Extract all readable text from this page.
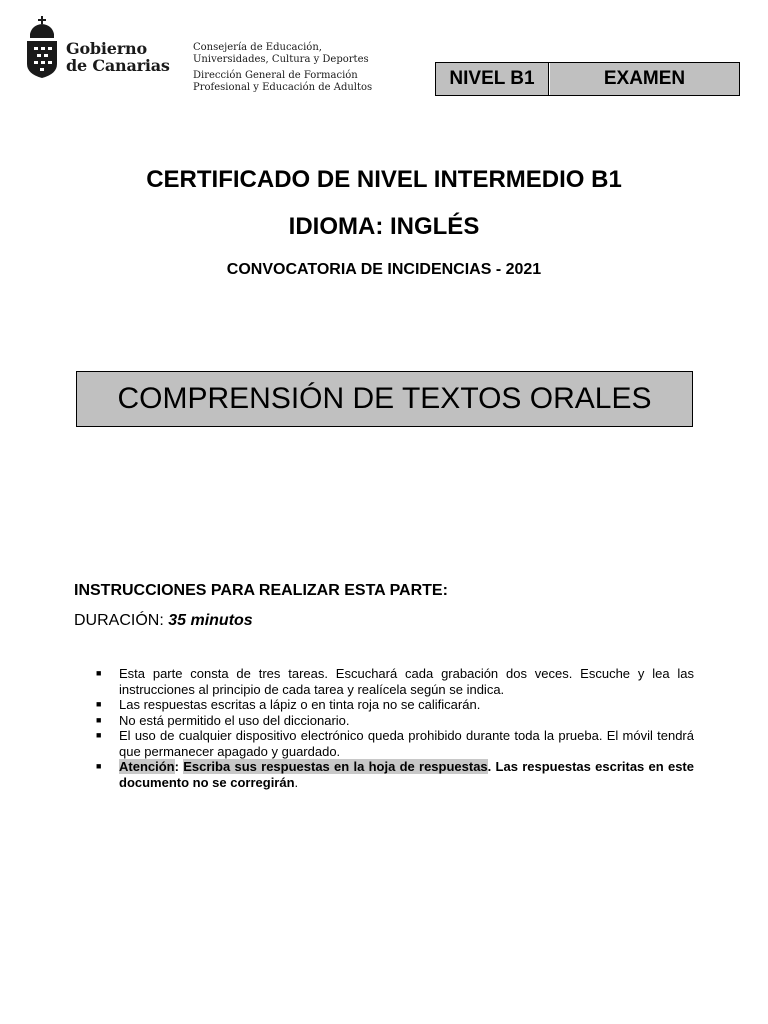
Gobierno
de Canarias
Consejería de Educación,
Universidades, Cultura y Deportes
Dirección General de Formación
Profesional y Educación de Adultos	NIVEL B1	EXAMEN
CERTIFICADO DE NIVEL INTERMEDIO B1
IDIOMA: INGLÉS
CONVOCATORIA DE INCIDENCIAS - 2021
COMPRENSIÓN DE TEXTOS ORALES
INSTRUCCIONES PARA REALIZAR ESTA PARTE:
DURACIÓN: 35 minutos
■	Esta parte consta de tres tareas. Escuchará cada grabación dos veces. Escuche y lea las instrucciones al principio de cada tarea y realícela según se indica.
■	Las respuestas escritas a lápiz o en tinta roja no se calificarán.
■	No está permitido el uso del diccionario.
■	El uso de cualquier dispositivo electrónico queda prohibido durante toda la prueba. El móvil tendrá que permanecer apagado y guardado.
■	Atención: Escriba sus respuestas en la hoja de respuestas. Las respuestas escritas en este documento no se corregirán.
